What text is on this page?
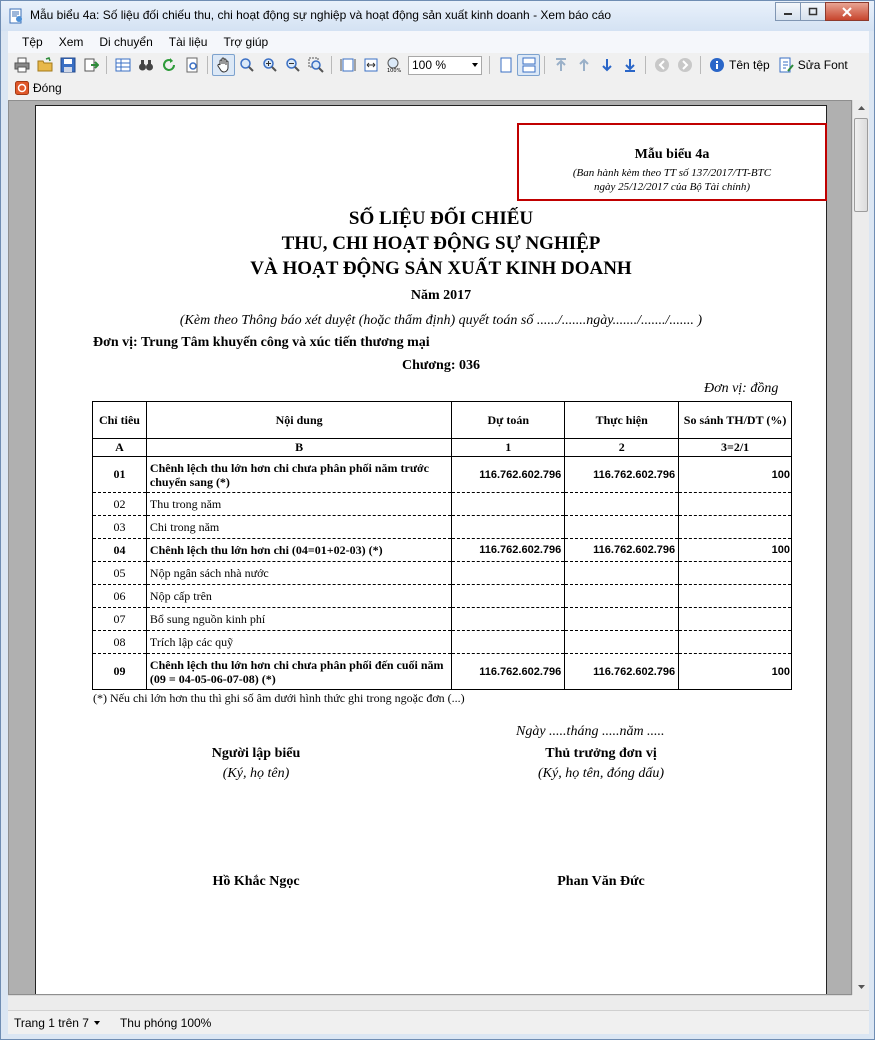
Mẫu biểu 4a: Số liệu đối chiếu thu, chi hoạt động sự nghiệp và hoạt động sản xuất kinh doanh - Xem báo cáo
Tệp	Xem	Di chuyển	Tài liệu	Trợ giúp
100% 100 %	Tên tệp Sửa Font
Đóng
Mẫu biểu 4a
(Ban hành kèm theo TT số 137/2017/TT-BTC
ngày 25/12/2017 của Bộ Tài chính)
SỐ LIỆU ĐỐI CHIẾU
THU, CHI HOẠT ĐỘNG SỰ NGHIỆP
VÀ HOẠT ĐỘNG SẢN XUẤT KINH DOANH
Năm 2017
(Kèm theo Thông báo xét duyệt (hoặc thẩm định) quyết toán số ....../.......ngày......./......./....... )
Đơn vị: Trung Tâm khuyến công và xúc tiến thương mại
Chương: 036
Đơn vị: đồng
Chỉ tiêu	Nội dung	Dự toán	Thực hiện	So sánh TH/DT (%)
A	B	1	2	3=2/1
01	Chênh lệch thu lớn hơn chi chưa phân phối năm trước chuyển sang (*)	116.762.602.796	116.762.602.796	100
02	Thu trong năm			
03	Chi trong năm			
04	Chênh lệch thu lớn hơn chi (04=01+02-03) (*)	116.762.602.796	116.762.602.796	100
05	Nộp ngân sách nhà nước			
06	Nộp cấp trên			
07	Bổ sung nguồn kinh phí			
08	Trích lập các quỹ			
09	Chênh lệch thu lớn hơn chi chưa phân phối đến cuối năm (09 = 04-05-06-07-08) (*)	116.762.602.796	116.762.602.796	100
(*) Nếu chi lớn hơn thu thì ghi số âm dưới hình thức ghi trong ngoặc đơn (...)
Ngày .....tháng .....năm .....
Người lập biểu
(Ký, họ tên)
Thủ trưởng đơn vị
(Ký, họ tên, đóng dấu)
Hồ Khắc Ngọc	Phan Văn Đức
Trang 1 trên 7	Thu phóng 100%
